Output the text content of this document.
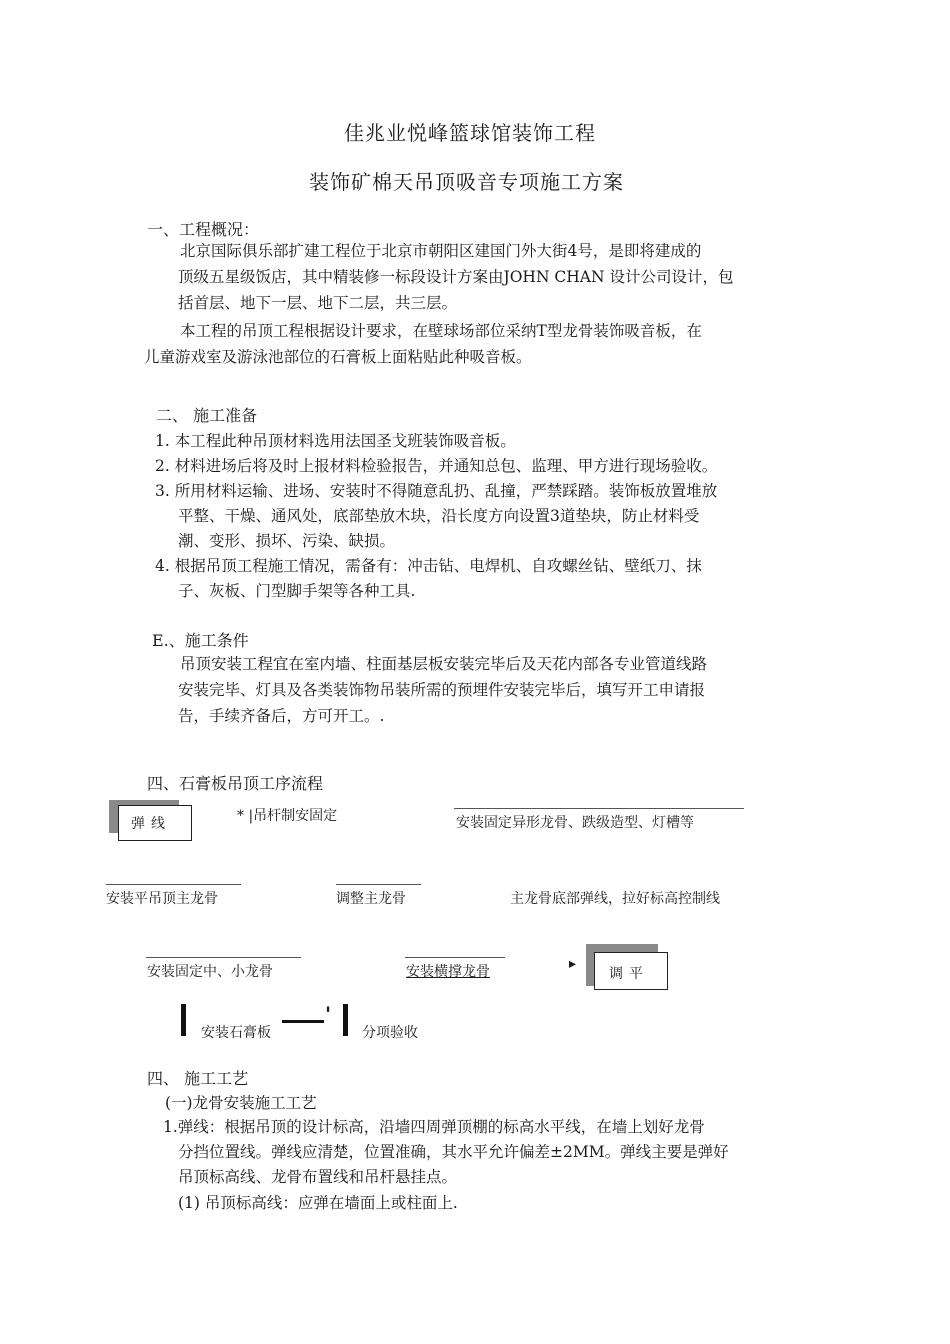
佳兆业悦峰篮球馆装饰工程
装饰矿棉天吊顶吸音专项施工方案
一、工程概况：
北京国际俱乐部扩建工程位于北京市朝阳区建国门外大街4号，是即将建成的
顶级五星级饭店，其中精装修一标段设计方案由JOHN CHAN 设计公司设计，包
括首层、地下一层、地下二层，共三层。
本工程的吊顶工程根据设计要求，在壁球场部位采纳T型龙骨装饰吸音板，在
儿童游戏室及游泳池部位的石膏板上面粘贴此种吸音板。
二、 施工准备
1. 本工程此种吊顶材料选用法国圣戈班装饰吸音板。
2. 材料进场后将及时上报材料检验报告，并通知总包、监理、甲方进行现场验收。
3. 所用材料运输、进场、安装时不得随意乱扔、乱撞，严禁踩踏。装饰板放置堆放
平整、干燥、通风处，底部垫放木块，沿长度方向设置3道垫块，防止材料受
潮、变形、损坏、污染、缺损。
4. 根据吊顶工程施工情况，需备有：冲击钻、电焊机、自攻螺丝钻、壁纸刀、抹
子、灰板、门型脚手架等各种工具.
E.、施工条件
吊顶安装工程宜在室内墙、柱面基层板安装完毕后及天花内部各专业管道线路
安装完毕、灯具及各类装饰物吊装所需的预埋件安装完毕后，填写开工申请报
告，手续齐备后，方可开工。.
四、石膏板吊顶工序流程
弹线	* |吊杆制安固定	安装固定异形龙骨、跌级造型、灯槽等
安装平吊顶主龙骨	调整主龙骨	主龙骨底部弹线，拉好标高控制线
安装固定中、小龙骨	安装横撑龙骨	▸
调平
安装石膏板
'
分项验收
四、 施工工艺
(一)龙骨安装施工工艺
1.弹线：根据吊顶的设计标高，沿墙四周弹顶棚的标高水平线，在墙上划好龙骨
分挡位置线。弹线应清楚，位置准确，其水平允许偏差±2MM。弹线主要是弹好
吊顶标高线、龙骨布置线和吊杆悬挂点。
(1) 吊顶标高线：应弹在墙面上或柱面上.
